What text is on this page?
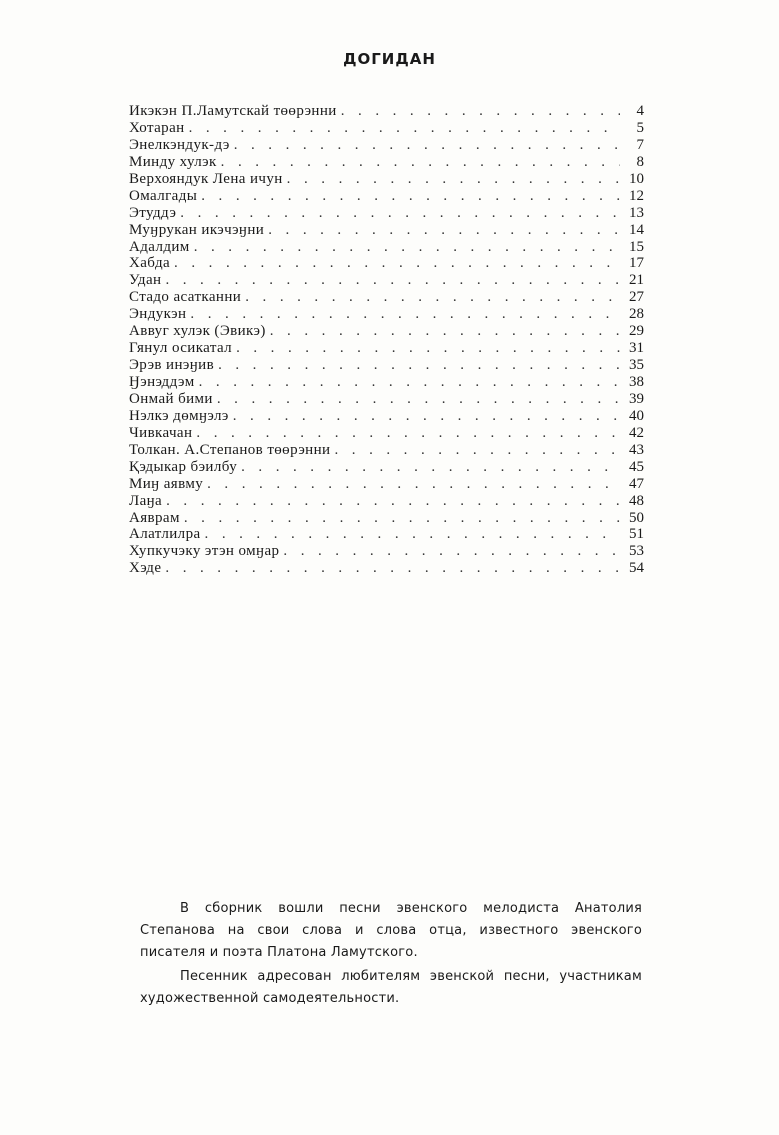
ДОГИДАН
Икэкэн П.Ламутскай төөрэнни . . .	4
Хотаран . . .	5
Энелкэндук-дэ . . .	7
Минду хулэк . . .	8
Верхояндук Лена ичун . . .	10
Омалгады . . .	12
Этуддэ . . .	13
Муӈрукан икэчэӈни . . .	14
Адалдим . . .	15
Хабда . . .	17
Удан . . .	21
Стадо асатканни . . .	27
Эндукэн . . .	28
Аввуг хулэк (Эвикэ) . . .	29
Гянул осикатал . . .	31
Эрэв инэӈив . . .	35
Ӈэнэддэм . . .	38
Онмай бими . . .	39
Нэлкэ дөмӈэлэ . . .	40
Чивкачан . . .	42
Толкан. А.Степанов төөрэнни . . .	43
Қэдыкар бэилбу . . .	45
Миӈ аявму . . .	47
Лаӈа . . .	48
Аяврам . . .	50
Алатлилра . . .	51
Хупкучэку этэн омӈар . . .	53
Хэде . . .	54

В сборник вошли песни эвенского мелодиста Анатолия Степанова на свои слова и слова отца, известного эвенского писателя и поэта Платона Ламутского.

Песенник адресован любителям эвенской песни, участникам художественной самодеятельности.
